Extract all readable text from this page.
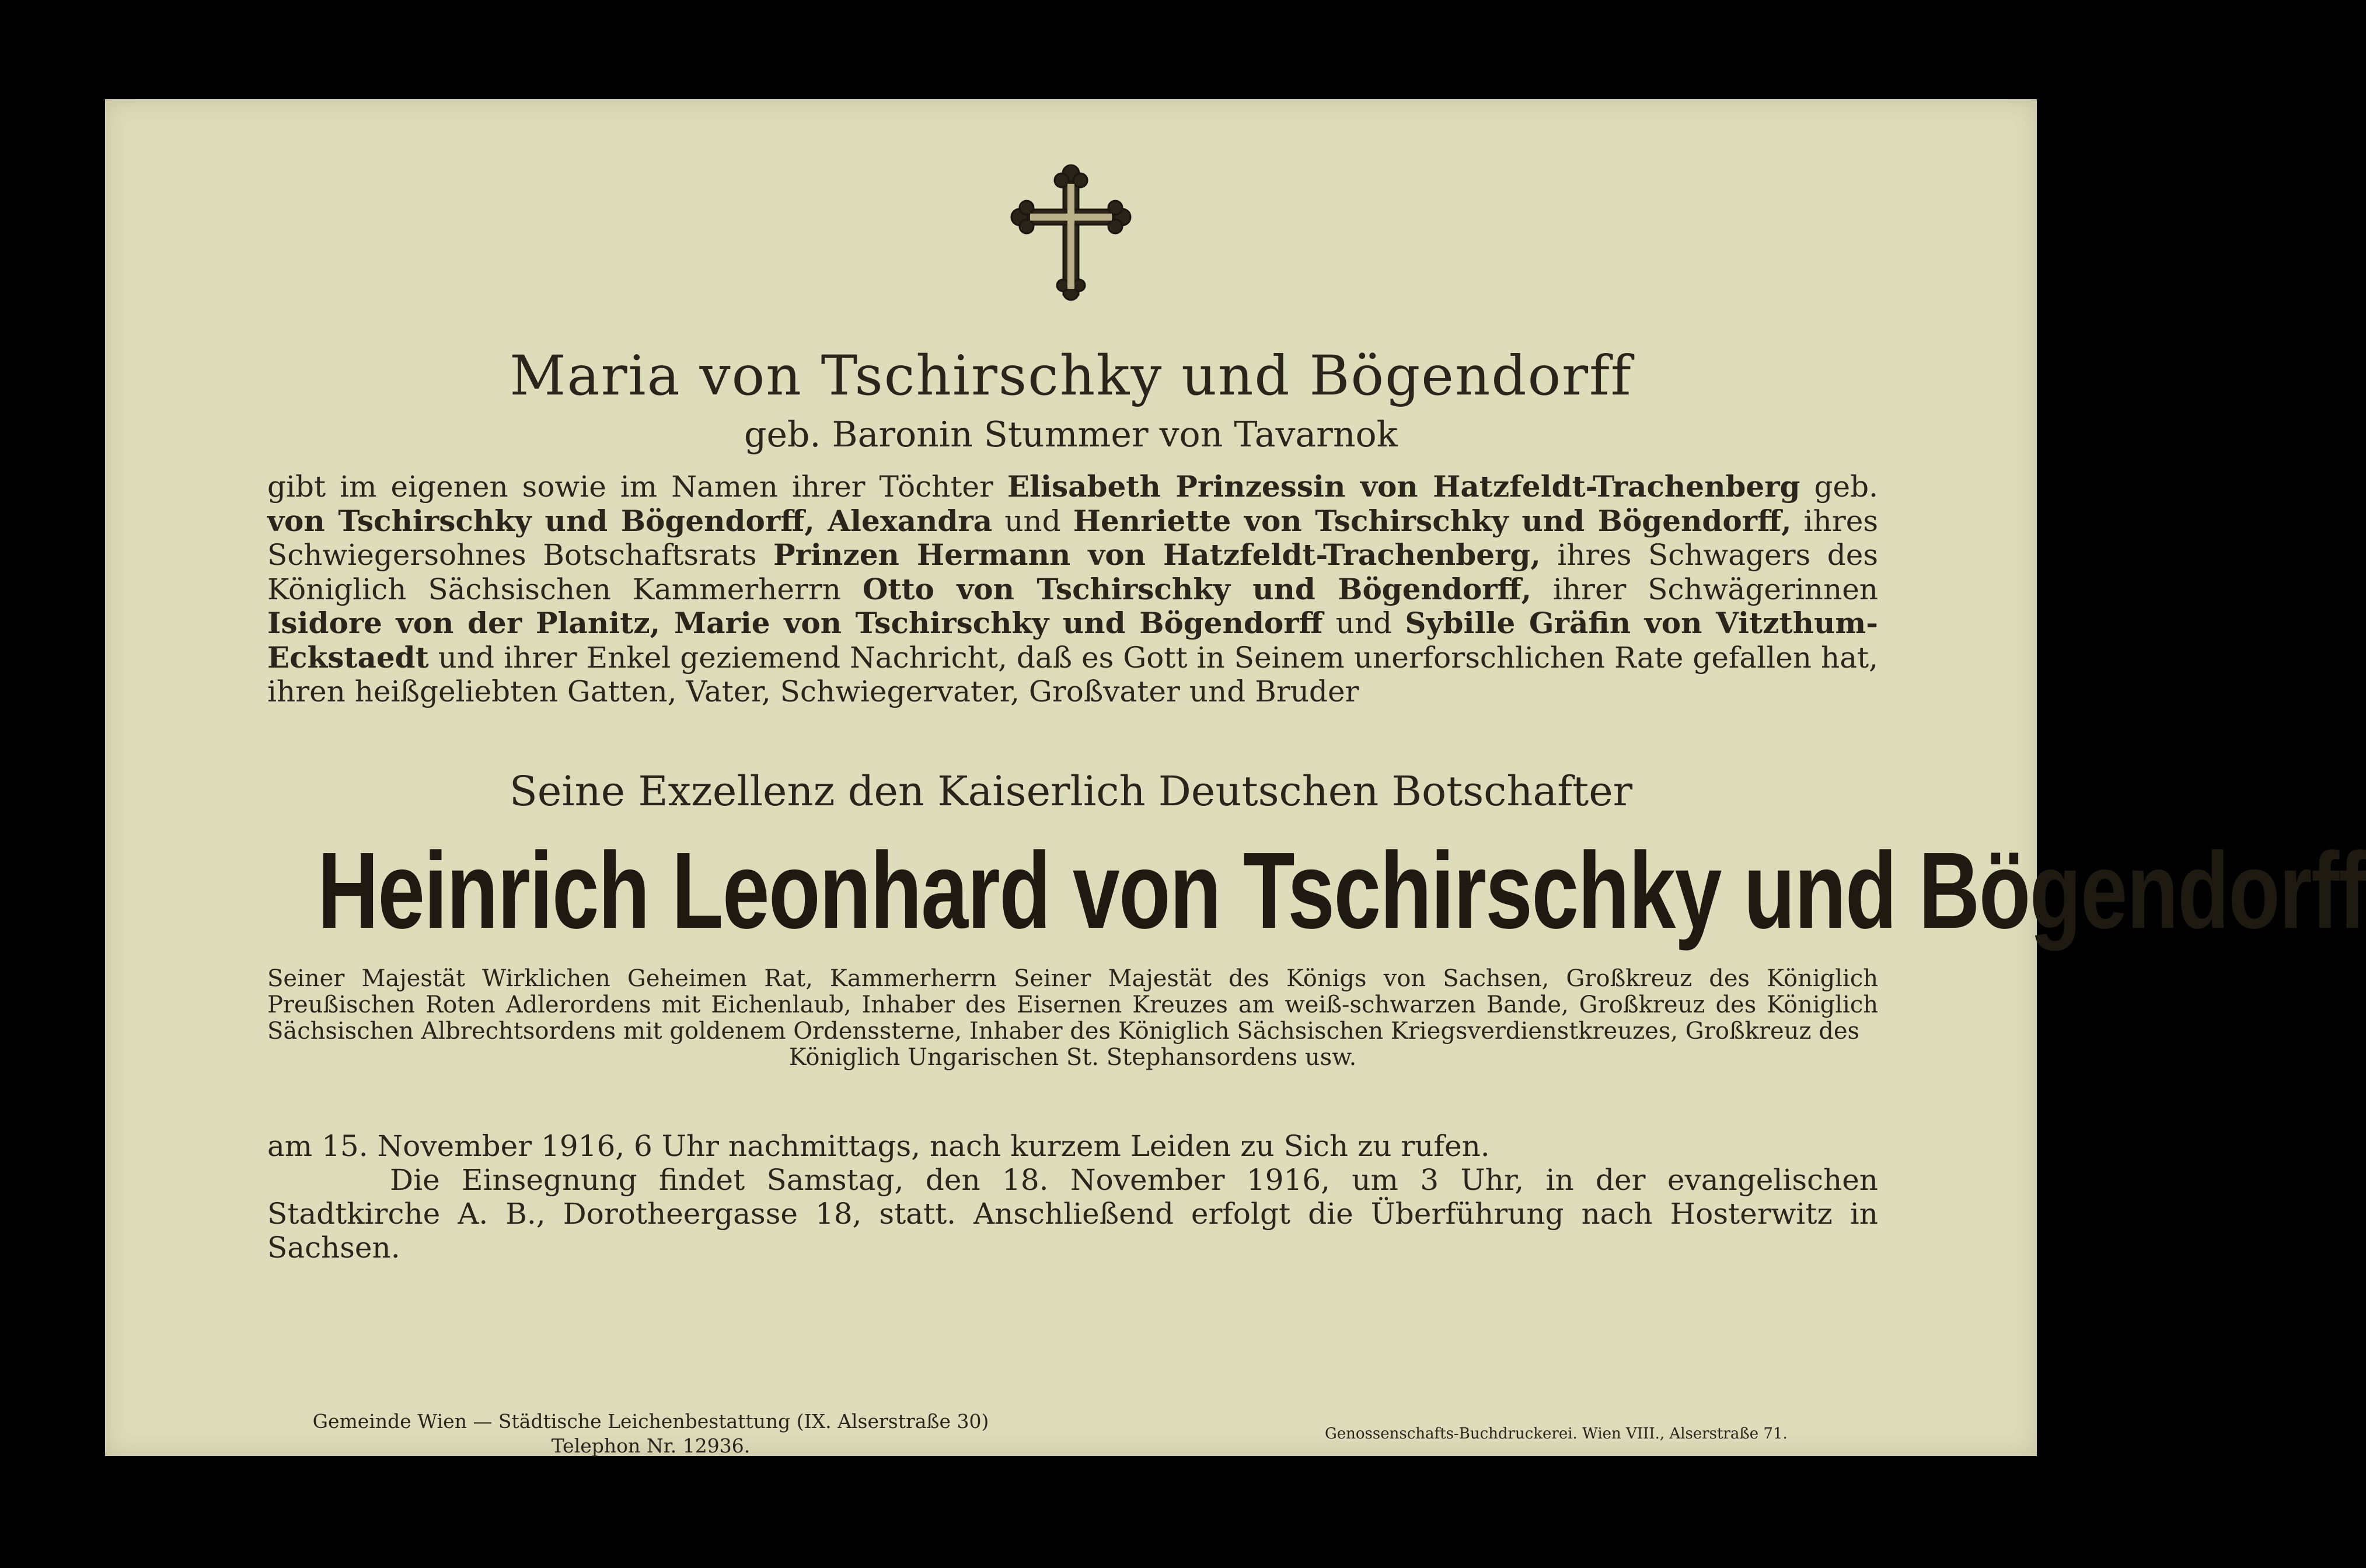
Maria von Tschirschky und Bögendorff
geb. Baronin Stummer von Tavarnok
gibt im eigenen sowie im Namen ihrer Töchter Elisabeth Prinzessin von Hatzfeldt-Trachenberg geb. von Tschirschky und Bögendorff, Alexandra und Henriette von Tschirschky und Bögendorff, ihres Schwiegersohnes Botschaftsrats Prinzen Hermann von Hatzfeldt-Trachenberg, ihres Schwagers des Königlich Sächsischen Kammerherrn Otto von Tschirschky und Bögendorff, ihrer Schwägerinnen Isidore von der Planitz, Marie von Tschirschky und Bögendorff und Sybille Gräfin von Vitzthum-Eckstaedt und ihrer Enkel geziemend Nachricht, daß es Gott in Seinem unerforschlichen Rate gefallen hat, ihren heißgeliebten Gatten, Vater, Schwiegervater, Großvater und Bruder
Seine Exzellenz den Kaiserlich Deutschen Botschafter
Heinrich Leonhard von Tschirschky und Bögendorff
Seiner Majestät Wirklichen Geheimen Rat, Kammerherrn Seiner Majestät des Königs von Sachsen, Großkreuz des Königlich Preußischen Roten Adlerordens mit Eichenlaub, Inhaber des Eisernen Kreuzes am weiß-schwarzen Bande, Großkreuz des Königlich Sächsischen Albrechtsordens mit goldenem Ordenssterne, Inhaber des Königlich Sächsischen Kriegsverdienstkreuzes, Großkreuz des
Königlich Ungarischen St. Stephansordens usw.
am 15. November 1916, 6 Uhr nachmittags, nach kurzem Leiden zu Sich zu rufen.
Die Einsegnung findet Samstag, den 18. November 1916, um 3 Uhr, in der evangelischen Stadtkirche A. B., Dorotheergasse 18, statt. Anschließend erfolgt die Überführung nach Hosterwitz in Sachsen.
Gemeinde Wien — Städtische Leichenbestattung (IX. Alserstraße 30)
Telephon Nr. 12936.
Genossenschafts-Buchdruckerei. Wien VIII., Alserstraße 71.
